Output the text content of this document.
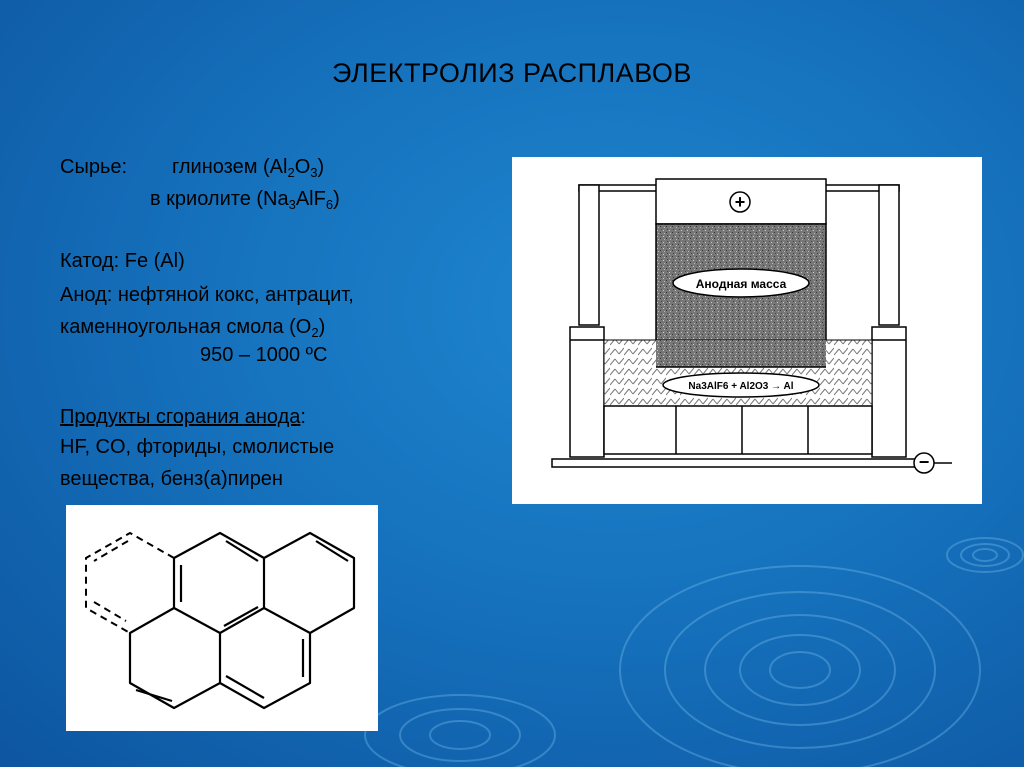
ЭЛЕКТРОЛИЗ РАСПЛАВОВ
Сырье: глинозем $(Al_2O_3)$
в криолите $(Na_3AlF_6)$
Катод: Fe (Al)
Анод: нефтяной кокс, антрацит,
каменноугольная смола $(O_2)$
950 – 1000 ºC
Продукты сгорания анода:
HF, CO, фториды, смолистые
вещества, бенз(а)пирен
+
Анодная масса
Na3AlF6 + Al2O3 → Al
−
